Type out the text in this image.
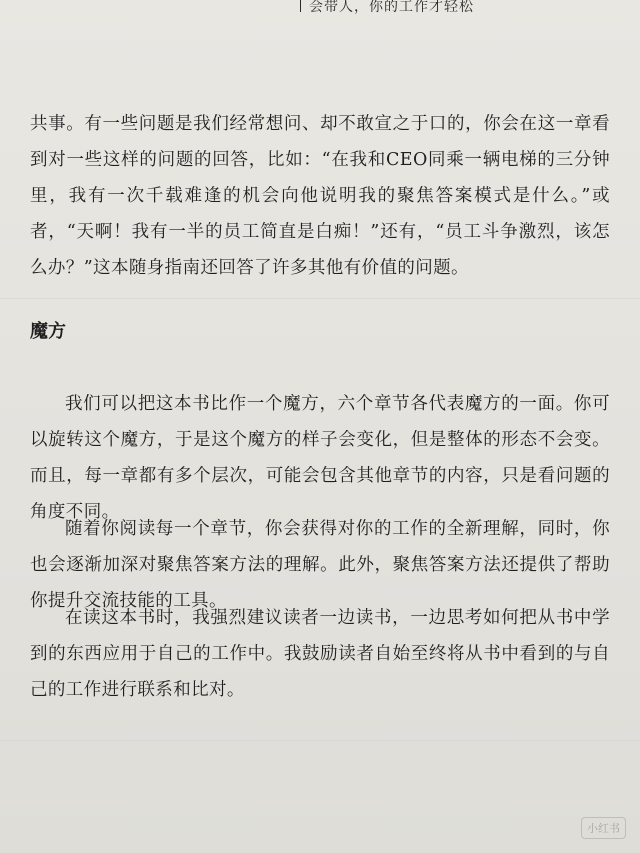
会带人，你的工作才轻松

共事。有一些问题是我们经常想问、却不敢宣之于口的，你会在这一章看到对一些这样的问题的回答，比如：“在我和CEO同乘一辆电梯的三分钟里，我有一次千载难逢的机会向他说明我的聚焦答案模式是什么。”或者，“天啊！我有一半的员工简直是白痴！”还有，“员工斗争激烈，该怎么办？”这本随身指南还回答了许多其他有价值的问题。

魔方

我们可以把这本书比作一个魔方，六个章节各代表魔方的一面。你可以旋转这个魔方，于是这个魔方的样子会变化，但是整体的形态不会变。而且，每一章都有多个层次，可能会包含其他章节的内容，只是看问题的角度不同。

随着你阅读每一个章节，你会获得对你的工作的全新理解，同时，你也会逐渐加深对聚焦答案方法的理解。此外，聚焦答案方法还提供了帮助你提升交流技能的工具。

在读这本书时，我强烈建议读者一边读书，一边思考如何把从书中学到的东西应用于自己的工作中。我鼓励读者自始至终将从书中看到的与自己的工作进行联系和比对。

小红书
